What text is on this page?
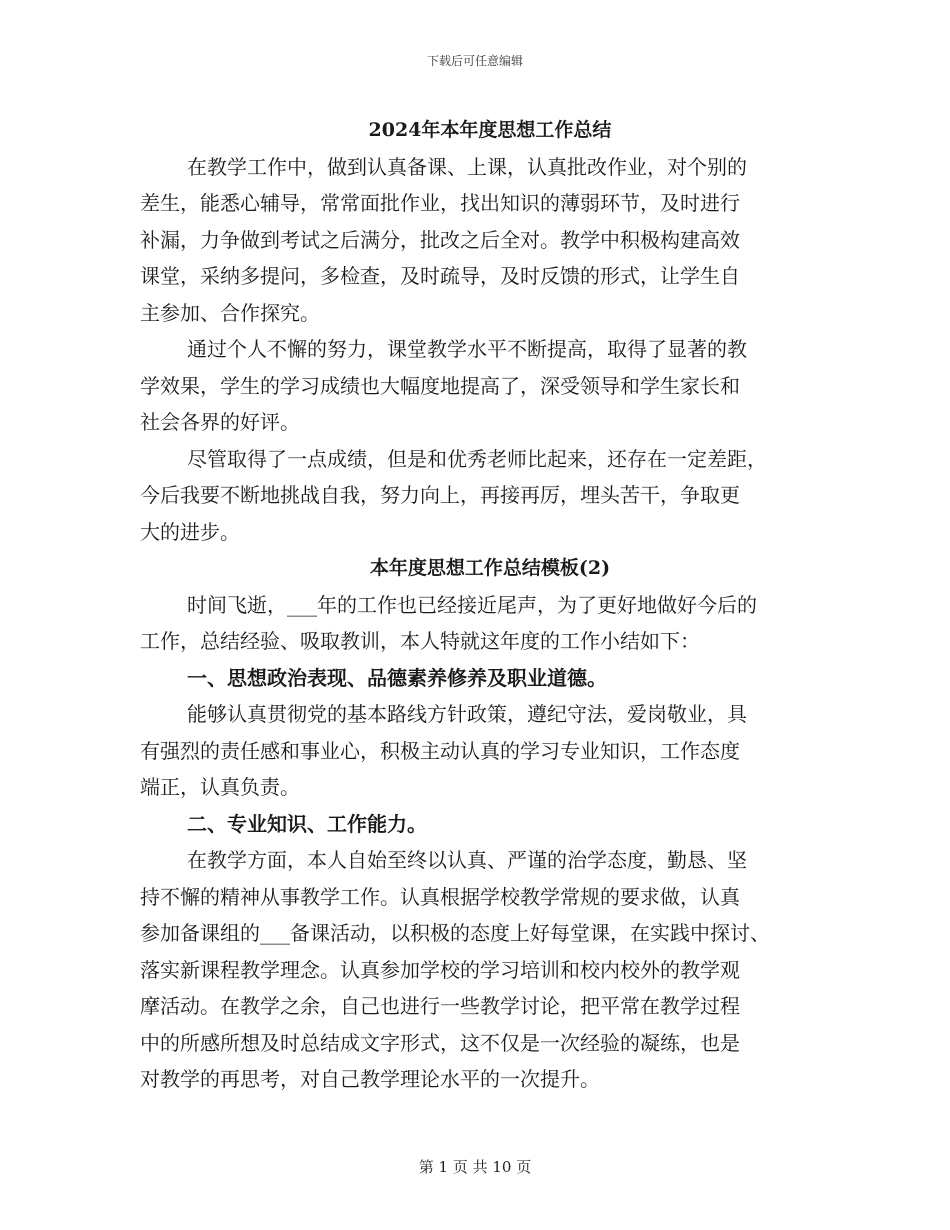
下载后可任意编辑
2024年本年度思想工作总结
在教学工作中，做到认真备课、上课，认真批改作业，对个别的
差生，能悉心辅导，常常面批作业，找出知识的薄弱环节，及时进行
补漏，力争做到考试之后满分，批改之后全对。教学中积极构建高效
课堂，采纳多提问，多检查，及时疏导，及时反馈的形式，让学生自
主参加、合作探究。
通过个人不懈的努力，课堂教学水平不断提高，取得了显著的教
学效果，学生的学习成绩也大幅度地提高了，深受领导和学生家长和
社会各界的好评。
尽管取得了一点成绩，但是和优秀老师比起来，还存在一定差距，
今后我要不断地挑战自我，努力向上，再接再厉，埋头苦干，争取更
大的进步。
本年度思想工作总结模板(2)
时间飞逝，___年的工作也已经接近尾声，为了更好地做好今后的
工作，总结经验、吸取教训，本人特就这年度的工作小结如下：
一、思想政治表现、品德素养修养及职业道德。
能够认真贯彻党的基本路线方针政策，遵纪守法，爱岗敬业，具
有强烈的责任感和事业心，积极主动认真的学习专业知识，工作态度
端正，认真负责。
二、专业知识、工作能力。
在教学方面，本人自始至终以认真、严谨的治学态度，勤恳、坚
持不懈的精神从事教学工作。认真根据学校教学常规的要求做，认真
参加备课组的___备课活动，以积极的态度上好每堂课，在实践中探讨、
落实新课程教学理念。认真参加学校的学习培训和校内校外的教学观
摩活动。在教学之余，自己也进行一些教学讨论，把平常在教学过程
中的所感所想及时总结成文字形式，这不仅是一次经验的凝练，也是
对教学的再思考，对自己教学理论水平的一次提升。
第 1 页 共 10 页
